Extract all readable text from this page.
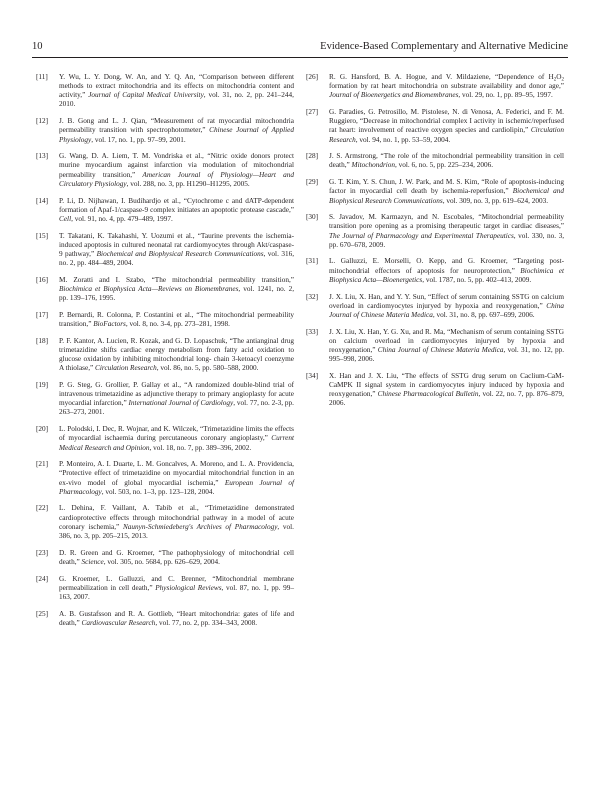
10	Evidence-Based Complementary and Alternative Medicine
[11] Y. Wu, L. Y. Dong, W. An, and Y. Q. An, “Comparison between different methods to extract mitochondria and its effects on mitochondria content and activity,” Journal of Capital Medical University, vol. 31, no. 2, pp. 241–244, 2010.
[12] J. B. Gong and L. J. Qian, “Measurement of rat myocardial mitochondria permeability transition with spectrophotometer,” Chinese Journal of Applied Physiology, vol. 17, no. 1, pp. 97–99, 2001.
[13] G. Wang, D. A. Liem, T. M. Vondriska et al., “Nitric oxide donors protect murine myocardium against infarction via modulation of mitochondrial permeability transition,” American Journal of Physiology—Heart and Circulatory Physiology, vol. 288, no. 3, pp. H1290–H1295, 2005.
[14] P. Li, D. Nijhawan, I. Budihardjo et al., “Cytochrome c and dATP-dependent formation of Apaf-1/caspase-9 complex initiates an apoptotic protease cascade,” Cell, vol. 91, no. 4, pp. 479–489, 1997.
[15] T. Takatani, K. Takahashi, Y. Uozumi et al., “Taurine prevents the ischemia-induced apoptosis in cultured neonatal rat cardiomyocytes through Akt/caspase-9 pathway,” Biochemical and Biophysical Research Communications, vol. 316, no. 2, pp. 484–489, 2004.
[16] M. Zoratti and I. Szabo, “The mitochondrial permeability transition,” Biochimica et Biophysica Acta—Reviews on Biomembranes, vol. 1241, no. 2, pp. 139–176, 1995.
[17] P. Bernardi, R. Colonna, P. Costantini et al., “The mitochondrial permeability transition,” BioFactors, vol. 8, no. 3-4, pp. 273–281, 1998.
[18] P. F. Kantor, A. Lucien, R. Kozak, and G. D. Lopaschuk, “The antianginal drug trimetazidine shifts cardiac energy metabolism from fatty acid oxidation to glucose oxidation by inhibiting mitochondrial long- chain 3-ketoacyl coenzyme A thiolase,” Circulation Research, vol. 86, no. 5, pp. 580–588, 2000.
[19] P. G. Steg, G. Grollier, P. Gallay et al., “A randomized double-blind trial of intravenous trimetazidine as adjunctive therapy to primary angioplasty for acute myocardial infarction,” International Journal of Cardiology, vol. 77, no. 2-3, pp. 263–273, 2001.
[20] L. Polodski, I. Dec, R. Wojnar, and K. Wilczek, “Trimetazidine limits the effects of myocardial ischaemia during percutaneous coronary angioplasty,” Current Medical Research and Opinion, vol. 18, no. 7, pp. 389–396, 2002.
[21] P. Monteiro, A. I. Duarte, L. M. Goncalves, A. Moreno, and L. A. Providencia, “Protective effect of trimetazidine on myocardial mitochondrial function in an ex-vivo model of global myocardial ischemia,” European Journal of Pharmacology, vol. 503, no. 1–3, pp. 123–128, 2004.
[22] L. Dehina, F. Vaillant, A. Tabib et al., “Trimetazidine demonstrated cardioprotective effects through mitochondrial pathway in a model of acute coronary ischemia,” Naunyn-Schmiedeberg's Archives of Pharmacology, vol. 386, no. 3, pp. 205–215, 2013.
[23] D. R. Green and G. Kroemer, “The pathophysiology of mitochondrial cell death,” Science, vol. 305, no. 5684, pp. 626–629, 2004.
[24] G. Kroemer, L. Galluzzi, and C. Brenner, “Mitochondrial membrane permeabilization in cell death,” Physiological Reviews, vol. 87, no. 1, pp. 99–163, 2007.
[25] A. B. Gustafsson and R. A. Gottlieb, “Heart mitochondria: gates of life and death,” Cardiovascular Research, vol. 77, no. 2, pp. 334–343, 2008.
[26] R. G. Hansford, B. A. Hogue, and V. Mildaziene, “Dependence of $H_2O_2$ formation by rat heart mitochondria on substrate availability and donor age,” Journal of Bioenergetics and Biomembranes, vol. 29, no. 1, pp. 89–95, 1997.
[27] G. Paradies, G. Petrosillo, M. Pistolese, N. di Venosa, A. Federici, and F. M. Ruggiero, “Decrease in mitochondrial complex I activity in ischemic/reperfused rat heart: involvement of reactive oxygen species and cardiolipin,” Circulation Research, vol. 94, no. 1, pp. 53–59, 2004.
[28] J. S. Armstrong, “The role of the mitochondrial permeability transition in cell death,” Mitochondrion, vol. 6, no. 5, pp. 225–234, 2006.
[29] G. T. Kim, Y. S. Chun, J. W. Park, and M. S. Kim, “Role of apoptosis-inducing factor in myocardial cell death by ischemia-reperfusion,” Biochemical and Biophysical Research Communications, vol. 309, no. 3, pp. 619–624, 2003.
[30] S. Javadov, M. Karmazyn, and N. Escobales, “Mitochondrial permeability transition pore opening as a promising therapeutic target in cardiac diseases,” The Journal of Pharmacology and Experimental Therapeutics, vol. 330, no. 3, pp. 670–678, 2009.
[31] L. Galluzzi, E. Morselli, O. Kepp, and G. Kroemer, “Targeting post-mitochondrial effectors of apoptosis for neuroprotection,” Biochimica et Biophysica Acta—Bioenergetics, vol. 1787, no. 5, pp. 402–413, 2009.
[32] J. X. Liu, X. Han, and Y. Y. Sun, “Effect of serum containing SSTG on calcium overload in cardiomyocytes injuryed by hypoxia and reoxygenation,” China Journal of Chinese Materia Medica, vol. 31, no. 8, pp. 697–699, 2006.
[33] J. X. Liu, X. Han, Y. G. Xu, and R. Ma, “Mechanism of serum containing SSTG on calcium overload in cardiomyocytes injuryed by hypoxia and reoxygenation,” China Journal of Chinese Materia Medica, vol. 31, no. 12, pp. 995–998, 2006.
[34] X. Han and J. X. Liu, “The effects of SSTG drug serum on Caclium-CaM-CaMPK II signal system in cardiomyocytes injury induced by hypoxia and reoxygenation,” Chinese Pharmacological Bulletin, vol. 22, no. 7, pp. 876–879, 2006.
